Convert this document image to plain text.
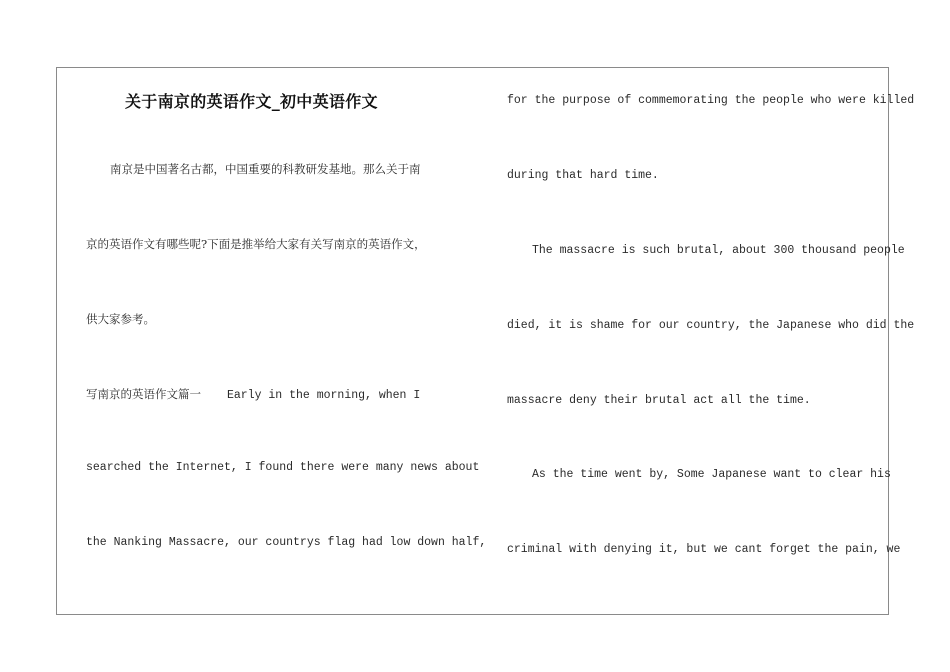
关于南京的英语作文_初中英语作文
南京是中国著名古都，中国重要的科教研发基地。那么关于南
京的英语作文有哪些呢?下面是推举给大家有关写南京的英语作文，
供大家参考。
写南京的英语作文篇一 Early in the morning, when I
searched the Internet, I found there were many news about
the Nanking Massacre, our countrys flag had low down half,
for the purpose of commemorating the people who were killed
during that hard time.
The massacre is such brutal, about 300 thousand people
died, it is shame for our country, the Japanese who did the
massacre deny their brutal act all the time.
As the time went by, Some Japanese want to clear his
criminal with denying it, but we cant forget the pain, we
